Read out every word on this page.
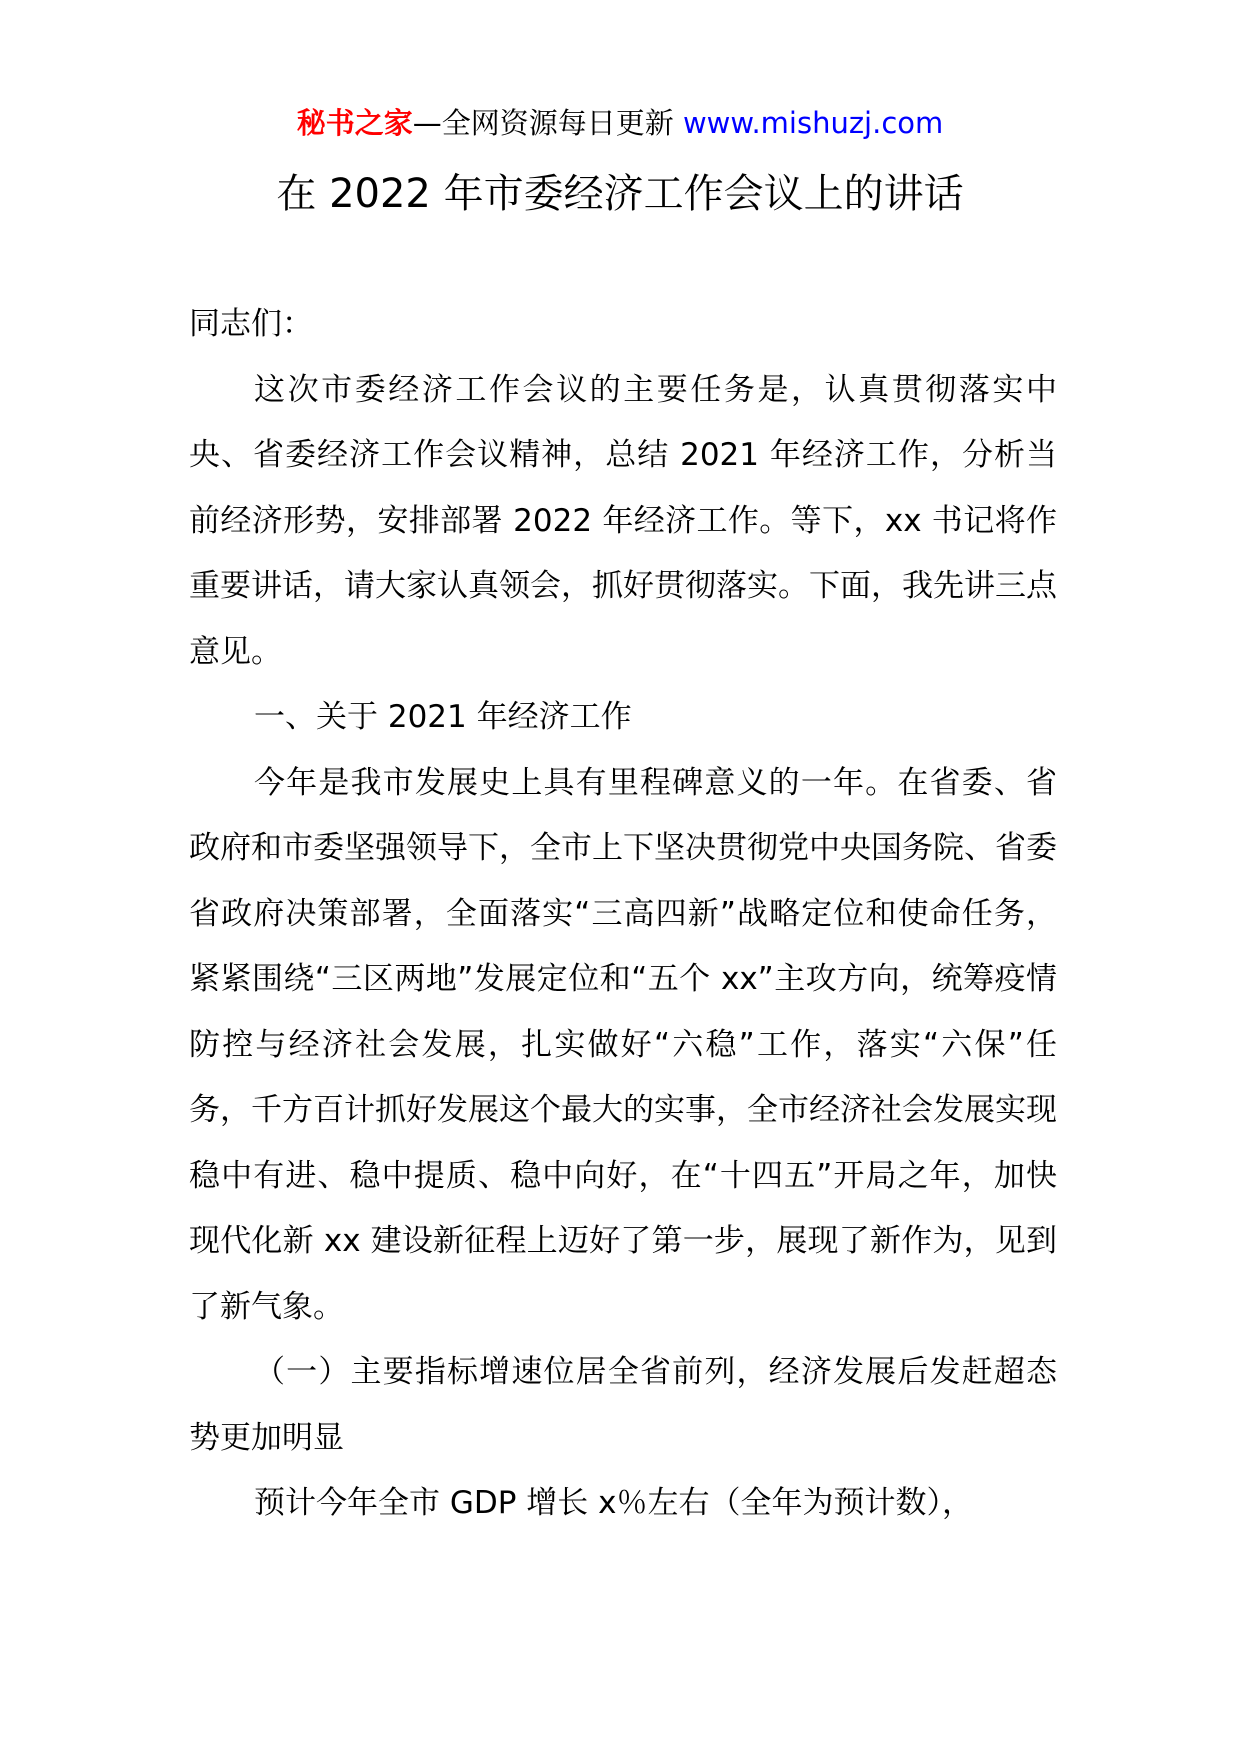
秘书之家—全网资源每日更新 www.mishuzj.com
在 2022 年市委经济工作会议上的讲话

同志们：

这次市委经济工作会议的主要任务是，认真贯彻落实中央、省委经济工作会议精神，总结 2021 年经济工作，分析当前经济形势，安排部署 2022 年经济工作。等下，xx 书记将作重要讲话，请大家认真领会，抓好贯彻落实。下面，我先讲三点意见。

一、关于 2021 年经济工作

今年是我市发展史上具有里程碑意义的一年。在省委、省政府和市委坚强领导下，全市上下坚决贯彻党中央国务院、省委省政府决策部署，全面落实“三高四新”战略定位和使命任务，紧紧围绕“三区两地”发展定位和“五个 xx”主攻方向，统筹疫情防控与经济社会发展，扎实做好“六稳”工作，落实“六保”任务，千方百计抓好发展这个最大的实事，全市经济社会发展实现稳中有进、稳中提质、稳中向好，在“十四五”开局之年，加快现代化新 xx 建设新征程上迈好了第一步，展现了新作为，见到了新气象。

（一）主要指标增速位居全省前列，经济发展后发赶超态势更加明显

预计今年全市 GDP 增长 x％左右（全年为预计数），
